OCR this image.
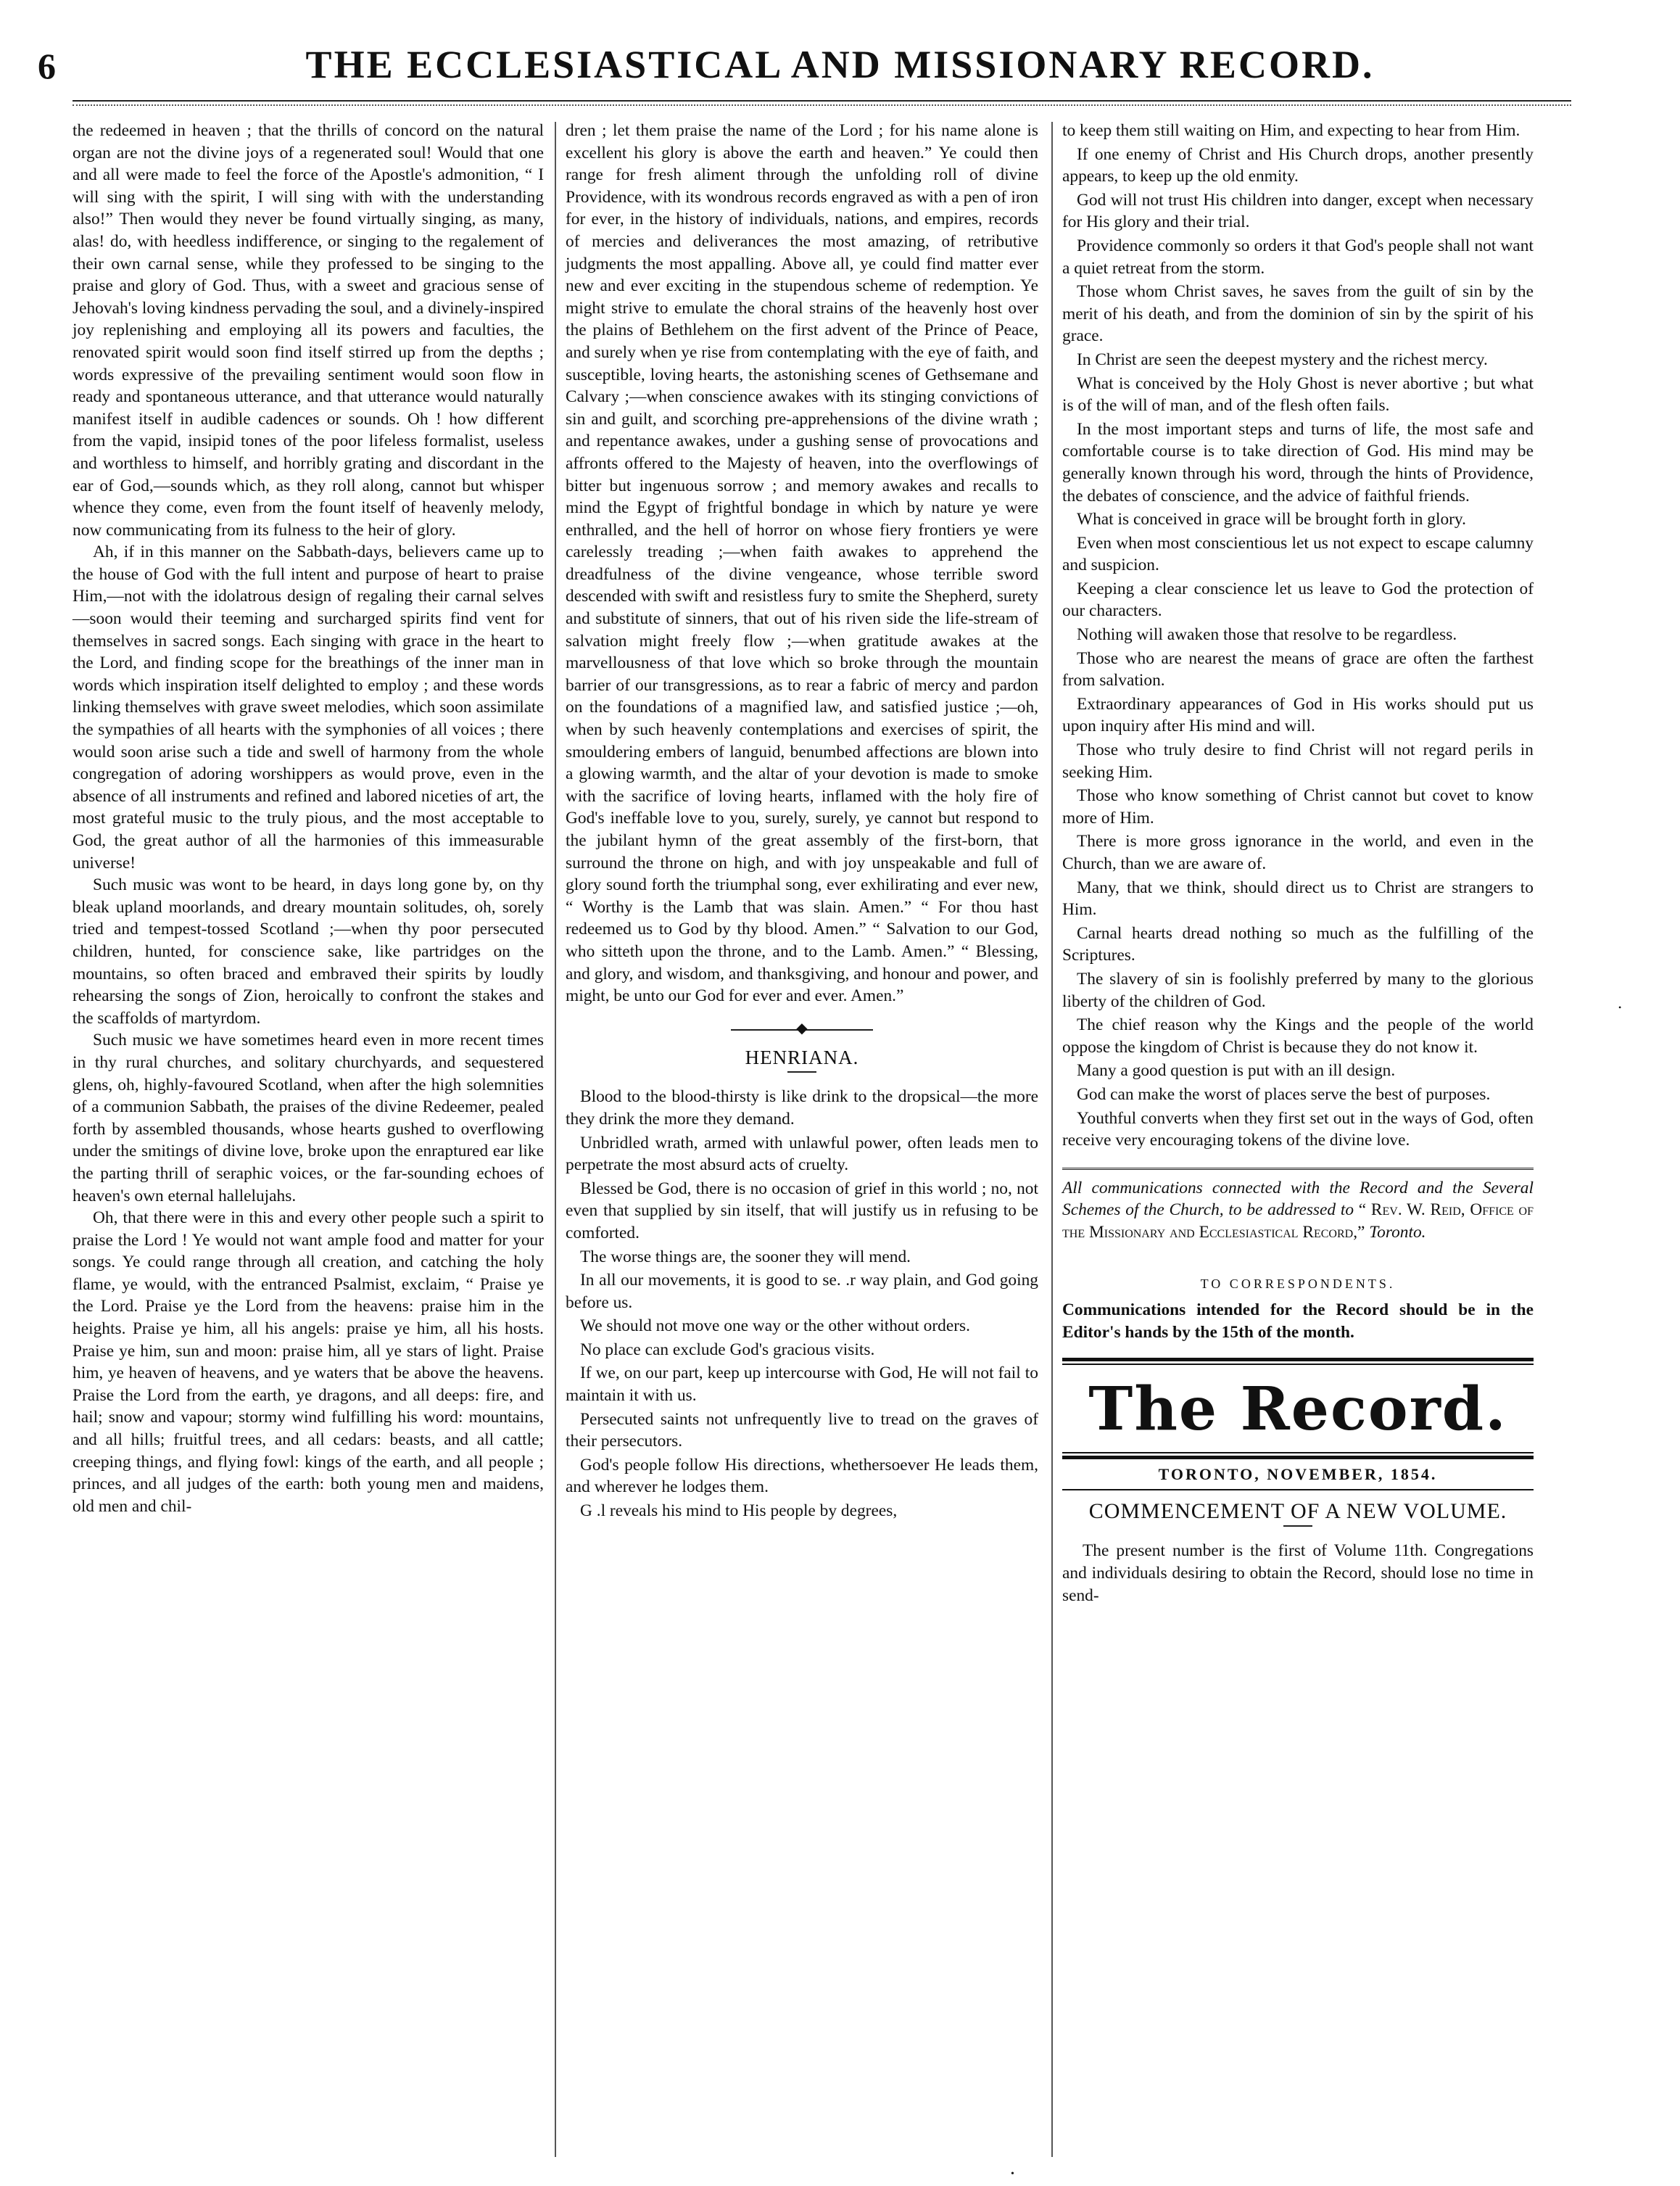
6	THE ECCLESIASTICAL AND MISSIONARY RECORD.

the redeemed in heaven ; that the thrills of concord on the natural organ are not the divine joys of a regenerated soul! Would that one and all were made to feel the force of the Apostle's admonition, “ I will sing with the spirit, I will sing with with the understanding also!” Then would they never be found virtually singing, as many, alas! do, with heedless indifference, or singing to the regalement of their own carnal sense, while they professed to be singing to the praise and glory of God. Thus, with a sweet and gracious sense of Jehovah's loving kindness pervading the soul, and a divinely-inspired joy replenishing and employing all its powers and faculties, the renovated spirit would soon find itself stirred up from the depths ; words expressive of the prevailing sentiment would soon flow in ready and spontaneous utterance, and that utterance would naturally manifest itself in audible cadences or sounds. Oh ! how different from the vapid, insipid tones of the poor lifeless formalist, useless and worthless to himself, and horribly grating and discordant in the ear of God,—sounds which, as they roll along, cannot but whisper whence they come, even from the fount itself of heavenly melody, now communicating from its fulness to the heir of glory.

Ah, if in this manner on the Sabbath-days, believers came up to the house of God with the full intent and purpose of heart to praise Him,—not with the idolatrous design of regaling their carnal selves—soon would their teeming and surcharged spirits find vent for themselves in sacred songs. Each singing with grace in the heart to the Lord, and finding scope for the breathings of the inner man in words which inspiration itself delighted to employ ; and these words linking themselves with grave sweet melodies, which soon assimilate the sympathies of all hearts with the symphonies of all voices ; there would soon arise such a tide and swell of harmony from the whole congregation of adoring worshippers as would prove, even in the absence of all instruments and refined and labored niceties of art, the most grateful music to the truly pious, and the most acceptable to God, the great author of all the harmonies of this immeasurable universe!

Such music was wont to be heard, in days long gone by, on thy bleak upland moorlands, and dreary mountain solitudes, oh, sorely tried and tempest-tossed Scotland ;—when thy poor persecuted children, hunted, for conscience sake, like partridges on the mountains, so often braced and embraved their spirits by loudly rehearsing the songs of Zion, heroically to confront the stakes and the scaffolds of martyrdom.

Such music we have sometimes heard even in more recent times in thy rural churches, and solitary churchyards, and sequestered glens, oh, highly-favoured Scotland, when after the high solemnities of a communion Sabbath, the praises of the divine Redeemer, pealed forth by assembled thousands, whose hearts gushed to overflowing under the smitings of divine love, broke upon the enraptured ear like the parting thrill of seraphic voices, or the far-sounding echoes of heaven's own eternal hallelujahs.

Oh, that there were in this and every other people such a spirit to praise the Lord ! Ye would not want ample food and matter for your songs. Ye could range through all creation, and catching the holy flame, ye would, with the entranced Psalmist, exclaim, “ Praise ye the Lord. Praise ye the Lord from the heavens: praise him in the heights. Praise ye him, all his angels: praise ye him, all his hosts. Praise ye him, sun and moon: praise him, all ye stars of light. Praise him, ye heaven of heavens, and ye waters that be above the heavens. Praise the Lord from the earth, ye dragons, and all deeps: fire, and hail; snow and vapour; stormy wind fulfilling his word: mountains, and all hills; fruitful trees, and all cedars: beasts, and all cattle; creeping things, and flying fowl: kings of the earth, and all people ; princes, and all judges of the earth: both young men and maidens, old men and chil-

dren ; let them praise the name of the Lord ; for his name alone is excellent his glory is above the earth and heaven.” Ye could then range for fresh aliment through the unfolding roll of divine Providence, with its wondrous records engraved as with a pen of iron for ever, in the history of individuals, nations, and empires, records of mercies and deliverances the most amazing, of retributive judgments the most appalling. Above all, ye could find matter ever new and ever exciting in the stupendous scheme of redemption. Ye might strive to emulate the choral strains of the heavenly host over the plains of Bethlehem on the first advent of the Prince of Peace, and surely when ye rise from contemplating with the eye of faith, and susceptible, loving hearts, the astonishing scenes of Gethsemane and Calvary ;—when conscience awakes with its stinging convictions of sin and guilt, and scorching pre-apprehensions of the divine wrath ; and repentance awakes, under a gushing sense of provocations and affronts offered to the Majesty of heaven, into the overflowings of bitter but ingenuous sorrow ; and memory awakes and recalls to mind the Egypt of frightful bondage in which by nature ye were enthralled, and the hell of horror on whose fiery frontiers ye were carelessly treading ;—when faith awakes to apprehend the dreadfulness of the divine vengeance, whose terrible sword descended with swift and resistless fury to smite the Shepherd, surety and substitute of sinners, that out of his riven side the life-stream of salvation might freely flow ;—when gratitude awakes at the marvellousness of that love which so broke through the mountain barrier of our transgressions, as to rear a fabric of mercy and pardon on the foundations of a magnified law, and satisfied justice ;—oh, when by such heavenly contemplations and exercises of spirit, the smouldering embers of languid, benumbed affections are blown into a glowing warmth, and the altar of your devotion is made to smoke with the sacrifice of loving hearts, inflamed with the holy fire of God's ineffable love to you, surely, surely, ye cannot but respond to the jubilant hymn of the great assembly of the first-born, that surround the throne on high, and with joy unspeakable and full of glory sound forth the triumphal song, ever exhilirating and ever new, “ Worthy is the Lamb that was slain. Amen.” “ For thou hast redeemed us to God by thy blood. Amen.” “ Salvation to our God, who sitteth upon the throne, and to the Lamb. Amen.” “ Blessing, and glory, and wisdom, and thanksgiving, and honour and power, and might, be unto our God for ever and ever. Amen.”

◆
HENRIANA.

Blood to the blood-thirsty is like drink to the dropsical—the more they drink the more they demand.

Unbridled wrath, armed with unlawful power, often leads men to perpetrate the most absurd acts of cruelty.

Blessed be God, there is no occasion of grief in this world ; no, not even that supplied by sin itself, that will justify us in refusing to be comforted.

The worse things are, the sooner they will mend.

In all our movements, it is good to se. .r way plain, and God going before us.

We should not move one way or the other without orders.

No place can exclude God's gracious visits.

If we, on our part, keep up intercourse with God, He will not fail to maintain it with us.

Persecuted saints not unfrequently live to tread on the graves of their persecutors.

God's people follow His directions, whethersoever He leads them, and wherever he lodges them.

G .l reveals his mind to His people by degrees,

to keep them still waiting on Him, and expecting to hear from Him.

If one enemy of Christ and His Church drops, another presently appears, to keep up the old enmity.

God will not trust His children into danger, except when necessary for His glory and their trial.

Providence commonly so orders it that God's people shall not want a quiet retreat from the storm.

Those whom Christ saves, he saves from the guilt of sin by the merit of his death, and from the dominion of sin by the spirit of his grace.

In Christ are seen the deepest mystery and the richest mercy.

What is conceived by the Holy Ghost is never abortive ; but what is of the will of man, and of the flesh often fails.

In the most important steps and turns of life, the most safe and comfortable course is to take direction of God. His mind may be generally known through his word, through the hints of Providence, the debates of conscience, and the advice of faithful friends.

What is conceived in grace will be brought forth in glory.

Even when most conscientious let us not expect to escape calumny and suspicion.

Keeping a clear conscience let us leave to God the protection of our characters.

Nothing will awaken those that resolve to be regardless.

Those who are nearest the means of grace are often the farthest from salvation.

Extraordinary appearances of God in His works should put us upon inquiry after His mind and will.

Those who truly desire to find Christ will not regard perils in seeking Him.

Those who know something of Christ cannot but covet to know more of Him.

There is more gross ignorance in the world, and even in the Church, than we are aware of.

Many, that we think, should direct us to Christ are strangers to Him.

Carnal hearts dread nothing so much as the fulfilling of the Scriptures.

The slavery of sin is foolishly preferred by many to the glorious liberty of the children of God.

The chief reason why the Kings and the people of the world oppose the kingdom of Christ is because they do not know it.

Many a good question is put with an ill design.

God can make the worst of places serve the best of purposes.

Youthful converts when they first set out in the ways of God, often receive very encouraging tokens of the divine love.

All communications connected with the Record and the Several Schemes of the Church, to be addressed to “ Rev. W. Reid, Office of the Missionary and Ecclesiastical Record,” Toronto.
TO CORRESPONDENTS.

Communications intended for the Record should be in the Editor's hands by the 15th of the month.

The Record.
TORONTO, NOVEMBER, 1854.
COMMENCEMENT OF A NEW VOLUME.

The present number is the first of Volume 11th. Congregations and individuals desiring to obtain the Record, should lose no time in send-

•
•
